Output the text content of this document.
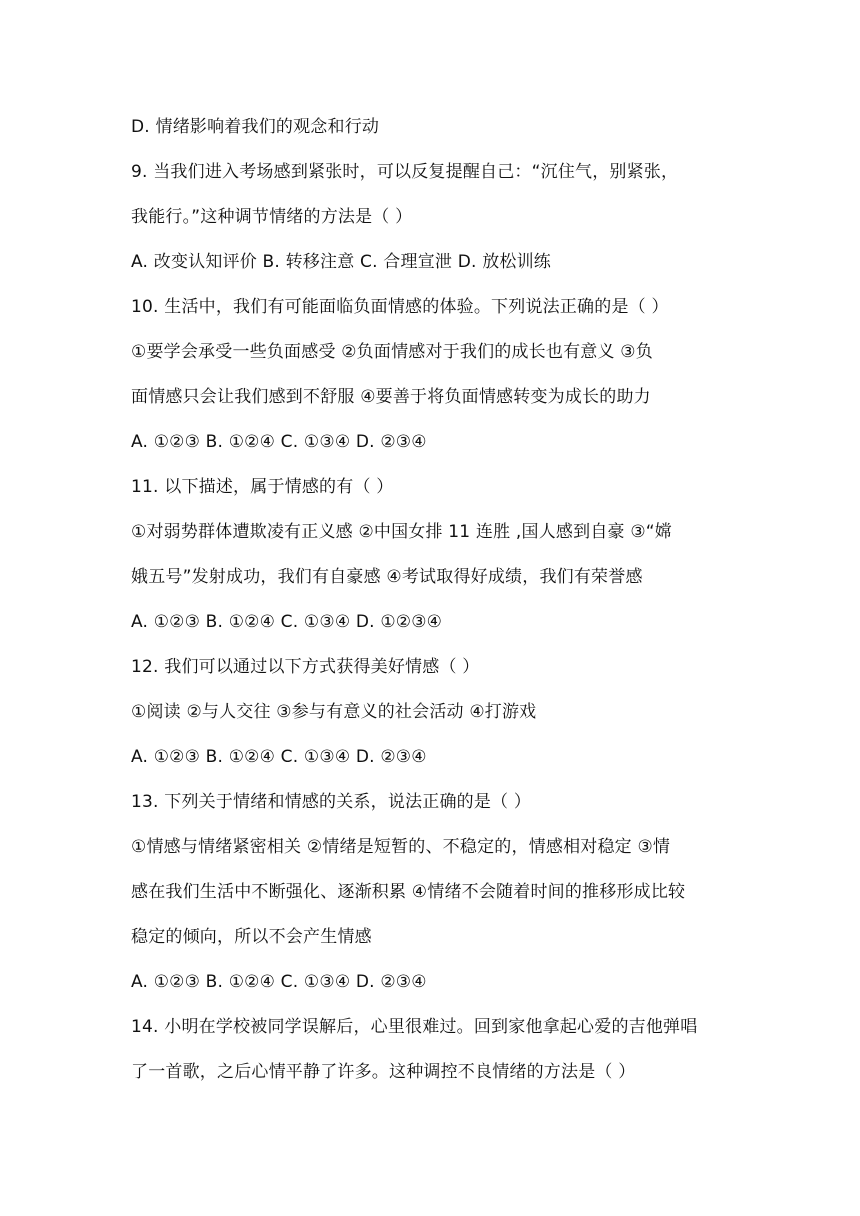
D. 情绪影响着我们的观念和行动
9. 当我们进入考场感到紧张时，可以反复提醒自己：“沉住气，别紧张，
我能行。”这种调节情绪的方法是（ ）
A. 改变认知评价 B. 转移注意 C. 合理宣泄 D. 放松训练
10. 生活中，我们有可能面临负面情感的体验。下列说法正确的是（ ）
①要学会承受一些负面感受 ②负面情感对于我们的成长也有意义 ③负
面情感只会让我们感到不舒服 ④要善于将负面情感转变为成长的助力
A. ①②③ B. ①②④ C. ①③④ D. ②③④
11. 以下描述，属于情感的有（ ）
①对弱势群体遭欺凌有正义感 ②中国女排 11 连胜 ,国人感到自豪 ③“嫦
娥五号”发射成功，我们有自豪感 ④考试取得好成绩，我们有荣誉感
A. ①②③ B. ①②④ C. ①③④ D. ①②③④
12. 我们可以通过以下方式获得美好情感（ ）
①阅读 ②与人交往 ③参与有意义的社会活动 ④打游戏
A. ①②③ B. ①②④ C. ①③④ D. ②③④
13. 下列关于情绪和情感的关系，说法正确的是（ ）
①情感与情绪紧密相关 ②情绪是短暂的、不稳定的，情感相对稳定 ③情
感在我们生活中不断强化、逐渐积累 ④情绪不会随着时间的推移形成比较
稳定的倾向，所以不会产生情感
A. ①②③ B. ①②④ C. ①③④ D. ②③④
14. 小明在学校被同学误解后，心里很难过。回到家他拿起心爱的吉他弹唱
了一首歌，之后心情平静了许多。这种调控不良情绪的方法是（ ）
